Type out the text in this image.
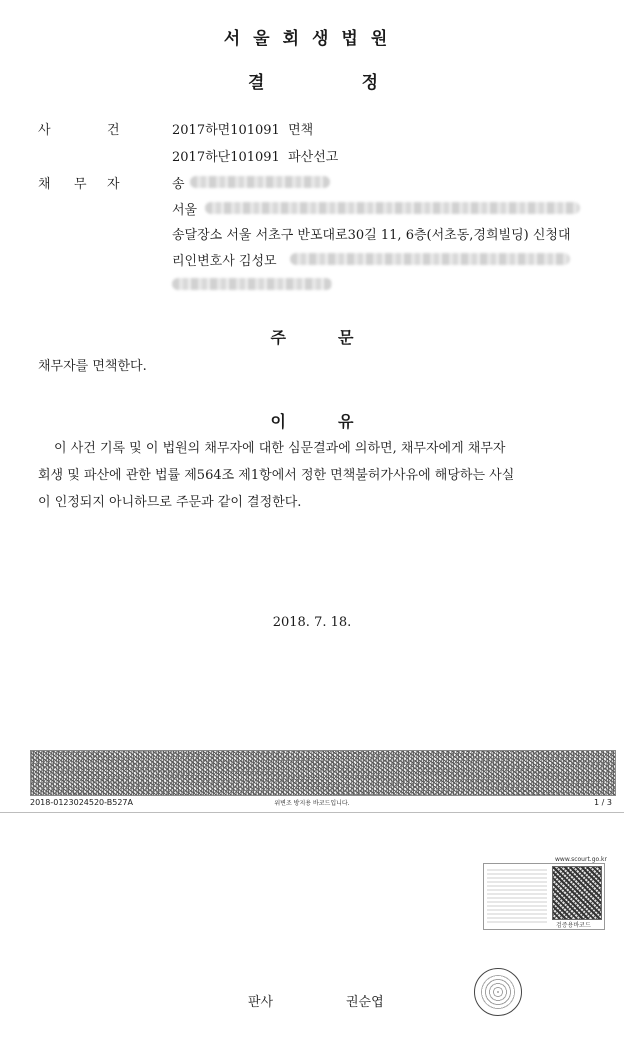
서울회생법원
결	정
사	건	2017하면101091 면책
2017하단101091 파산선고
채 무 자	송
서울
송달장소 서울 서초구 반포대로30길 11, 6층(서초동,경희빌딩) 신청대
리인변호사 김성모
주	문
채무자를 면책한다.
이	유
이 사건 기록 및 이 법원의 채무자에 대한 심문결과에 의하면, 채무자에게 채무자
회생 및 파산에 관한 법률 제564조 제1항에서 정한 면책불허가사유에 해당하는 사실
이 인정되지 아니하므로 주문과 같이 결정한다.
2018. 7. 18.
2018-0123024520-B527A	위변조 방지용 바코드입니다.	1 / 3
www.scourt.go.kr
검증용바코드
판사	권순엽
